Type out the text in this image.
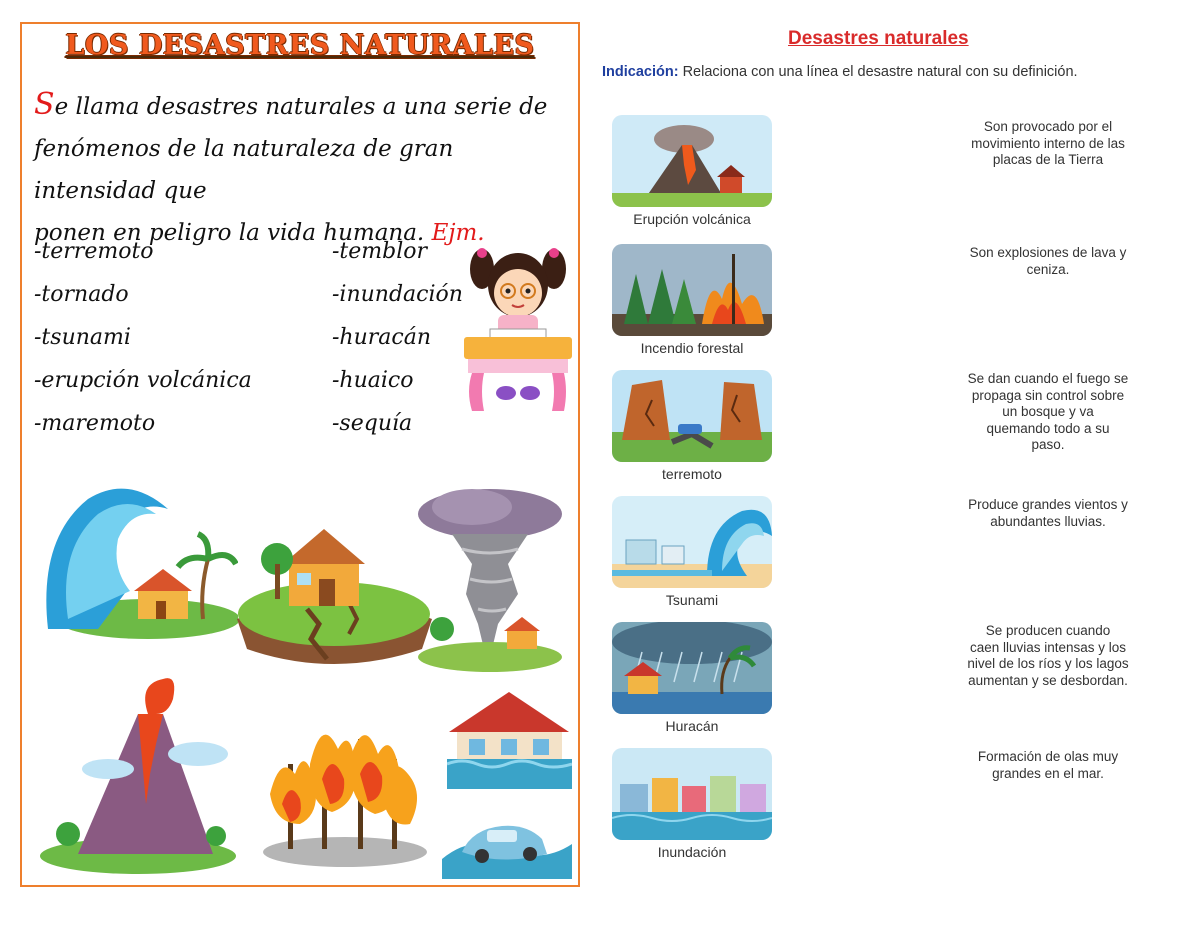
LOS DESASTRES NATURALES
Se llama desastres naturales a una serie de
fenómenos de la naturaleza de gran intensidad que
ponen en peligro la vida humana. Ejm.
-terremoto
-tornado
-tsunami
-erupción volcánica
-maremoto
-temblor
-inundación
-huracán
-huaico
-sequía
Desastres naturales
Indicación: Relaciona con una línea el desastre natural con su definición.
Erupción volcánica
Incendio forestal
terremoto
Tsunami
Huracán
Inundación
Son provocado por el
movimiento interno de las
placas de la Tierra
Son explosiones de lava y
ceniza.
Se dan cuando el fuego se
propaga sin control sobre
un bosque y va
quemando todo a su
paso.
Produce grandes vientos y
abundantes lluvias.
Se producen cuando
caen lluvias intensas y los
nivel de los ríos y los lagos
aumentan y se desbordan.
Formación de olas muy
grandes en el mar.
